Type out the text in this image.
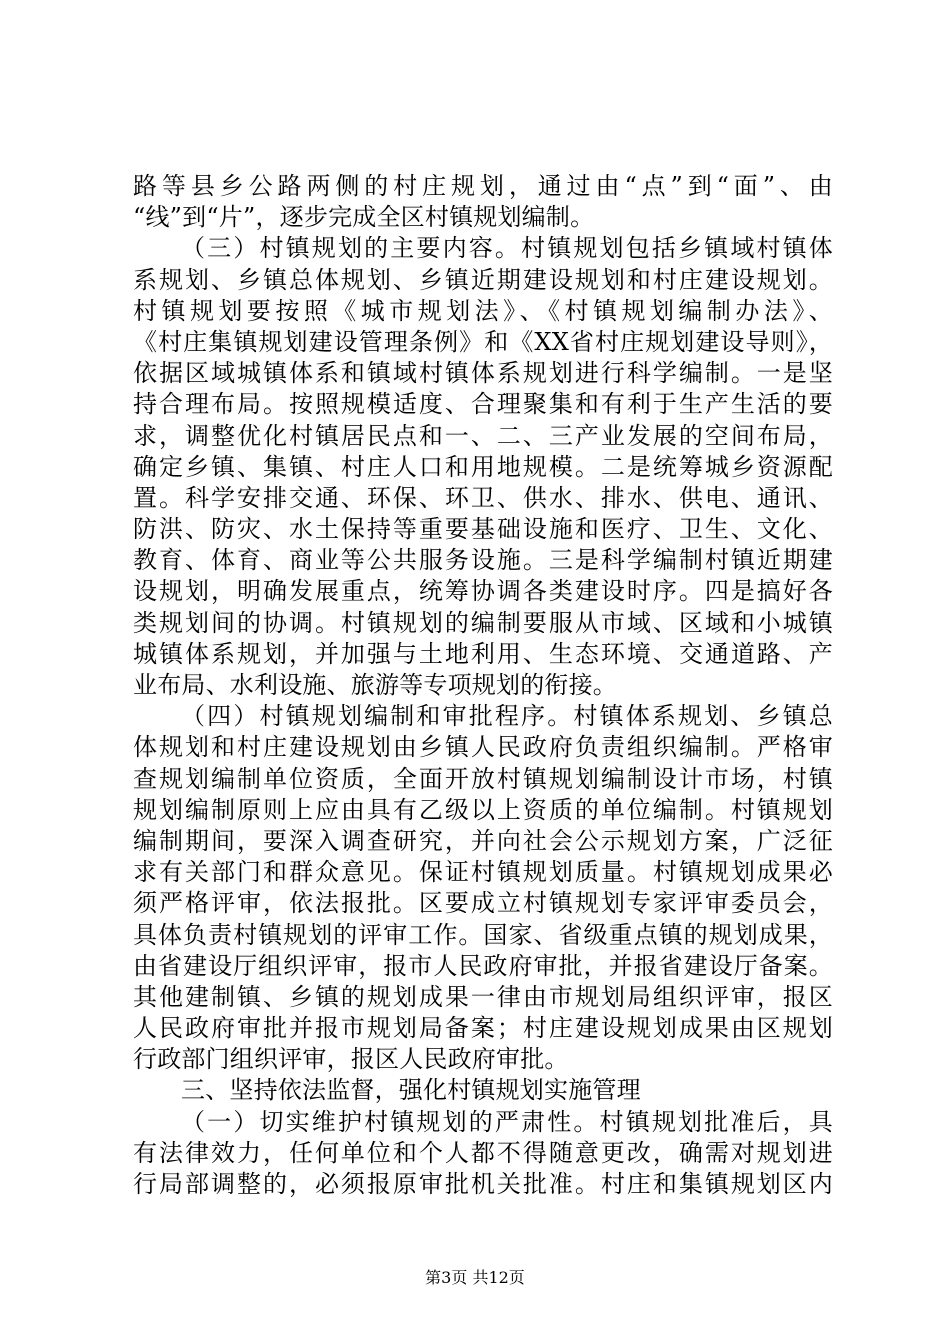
路等县乡公路两侧的村庄规划，通过由“点”到“面”、由
“线”到“片”，逐步完成全区村镇规划编制。
（三）村镇规划的主要内容。村镇规划包括乡镇域村镇体
系规划、乡镇总体规划、乡镇近期建设规划和村庄建设规划。
村镇规划要按照《城市规划法》、《村镇规划编制办法》、
《村庄集镇规划建设管理条例》和《XX省村庄规划建设导则》，
依据区域城镇体系和镇域村镇体系规划进行科学编制。一是坚
持合理布局。按照规模适度、合理聚集和有利于生产生活的要
求，调整优化村镇居民点和一、二、三产业发展的空间布局，
确定乡镇、集镇、村庄人口和用地规模。二是统筹城乡资源配
置。科学安排交通、环保、环卫、供水、排水、供电、通讯、
防洪、防灾、水土保持等重要基础设施和医疗、卫生、文化、
教育、体育、商业等公共服务设施。三是科学编制村镇近期建
设规划，明确发展重点，统筹协调各类建设时序。四是搞好各
类规划间的协调。村镇规划的编制要服从市域、区域和小城镇
城镇体系规划，并加强与土地利用、生态环境、交通道路、产
业布局、水利设施、旅游等专项规划的衔接。
（四）村镇规划编制和审批程序。村镇体系规划、乡镇总
体规划和村庄建设规划由乡镇人民政府负责组织编制。严格审
查规划编制单位资质，全面开放村镇规划编制设计市场，村镇
规划编制原则上应由具有乙级以上资质的单位编制。村镇规划
编制期间，要深入调查研究，并向社会公示规划方案，广泛征
求有关部门和群众意见。保证村镇规划质量。村镇规划成果必
须严格评审，依法报批。区要成立村镇规划专家评审委员会，
具体负责村镇规划的评审工作。国家、省级重点镇的规划成果，
由省建设厅组织评审，报市人民政府审批，并报省建设厅备案。
其他建制镇、乡镇的规划成果一律由市规划局组织评审，报区
人民政府审批并报市规划局备案；村庄建设规划成果由区规划
行政部门组织评审，报区人民政府审批。
三、坚持依法监督，强化村镇规划实施管理
（一）切实维护村镇规划的严肃性。村镇规划批准后，具
有法律效力，任何单位和个人都不得随意更改，确需对规划进
行局部调整的，必须报原审批机关批准。村庄和集镇规划区内
第3页 共12页
